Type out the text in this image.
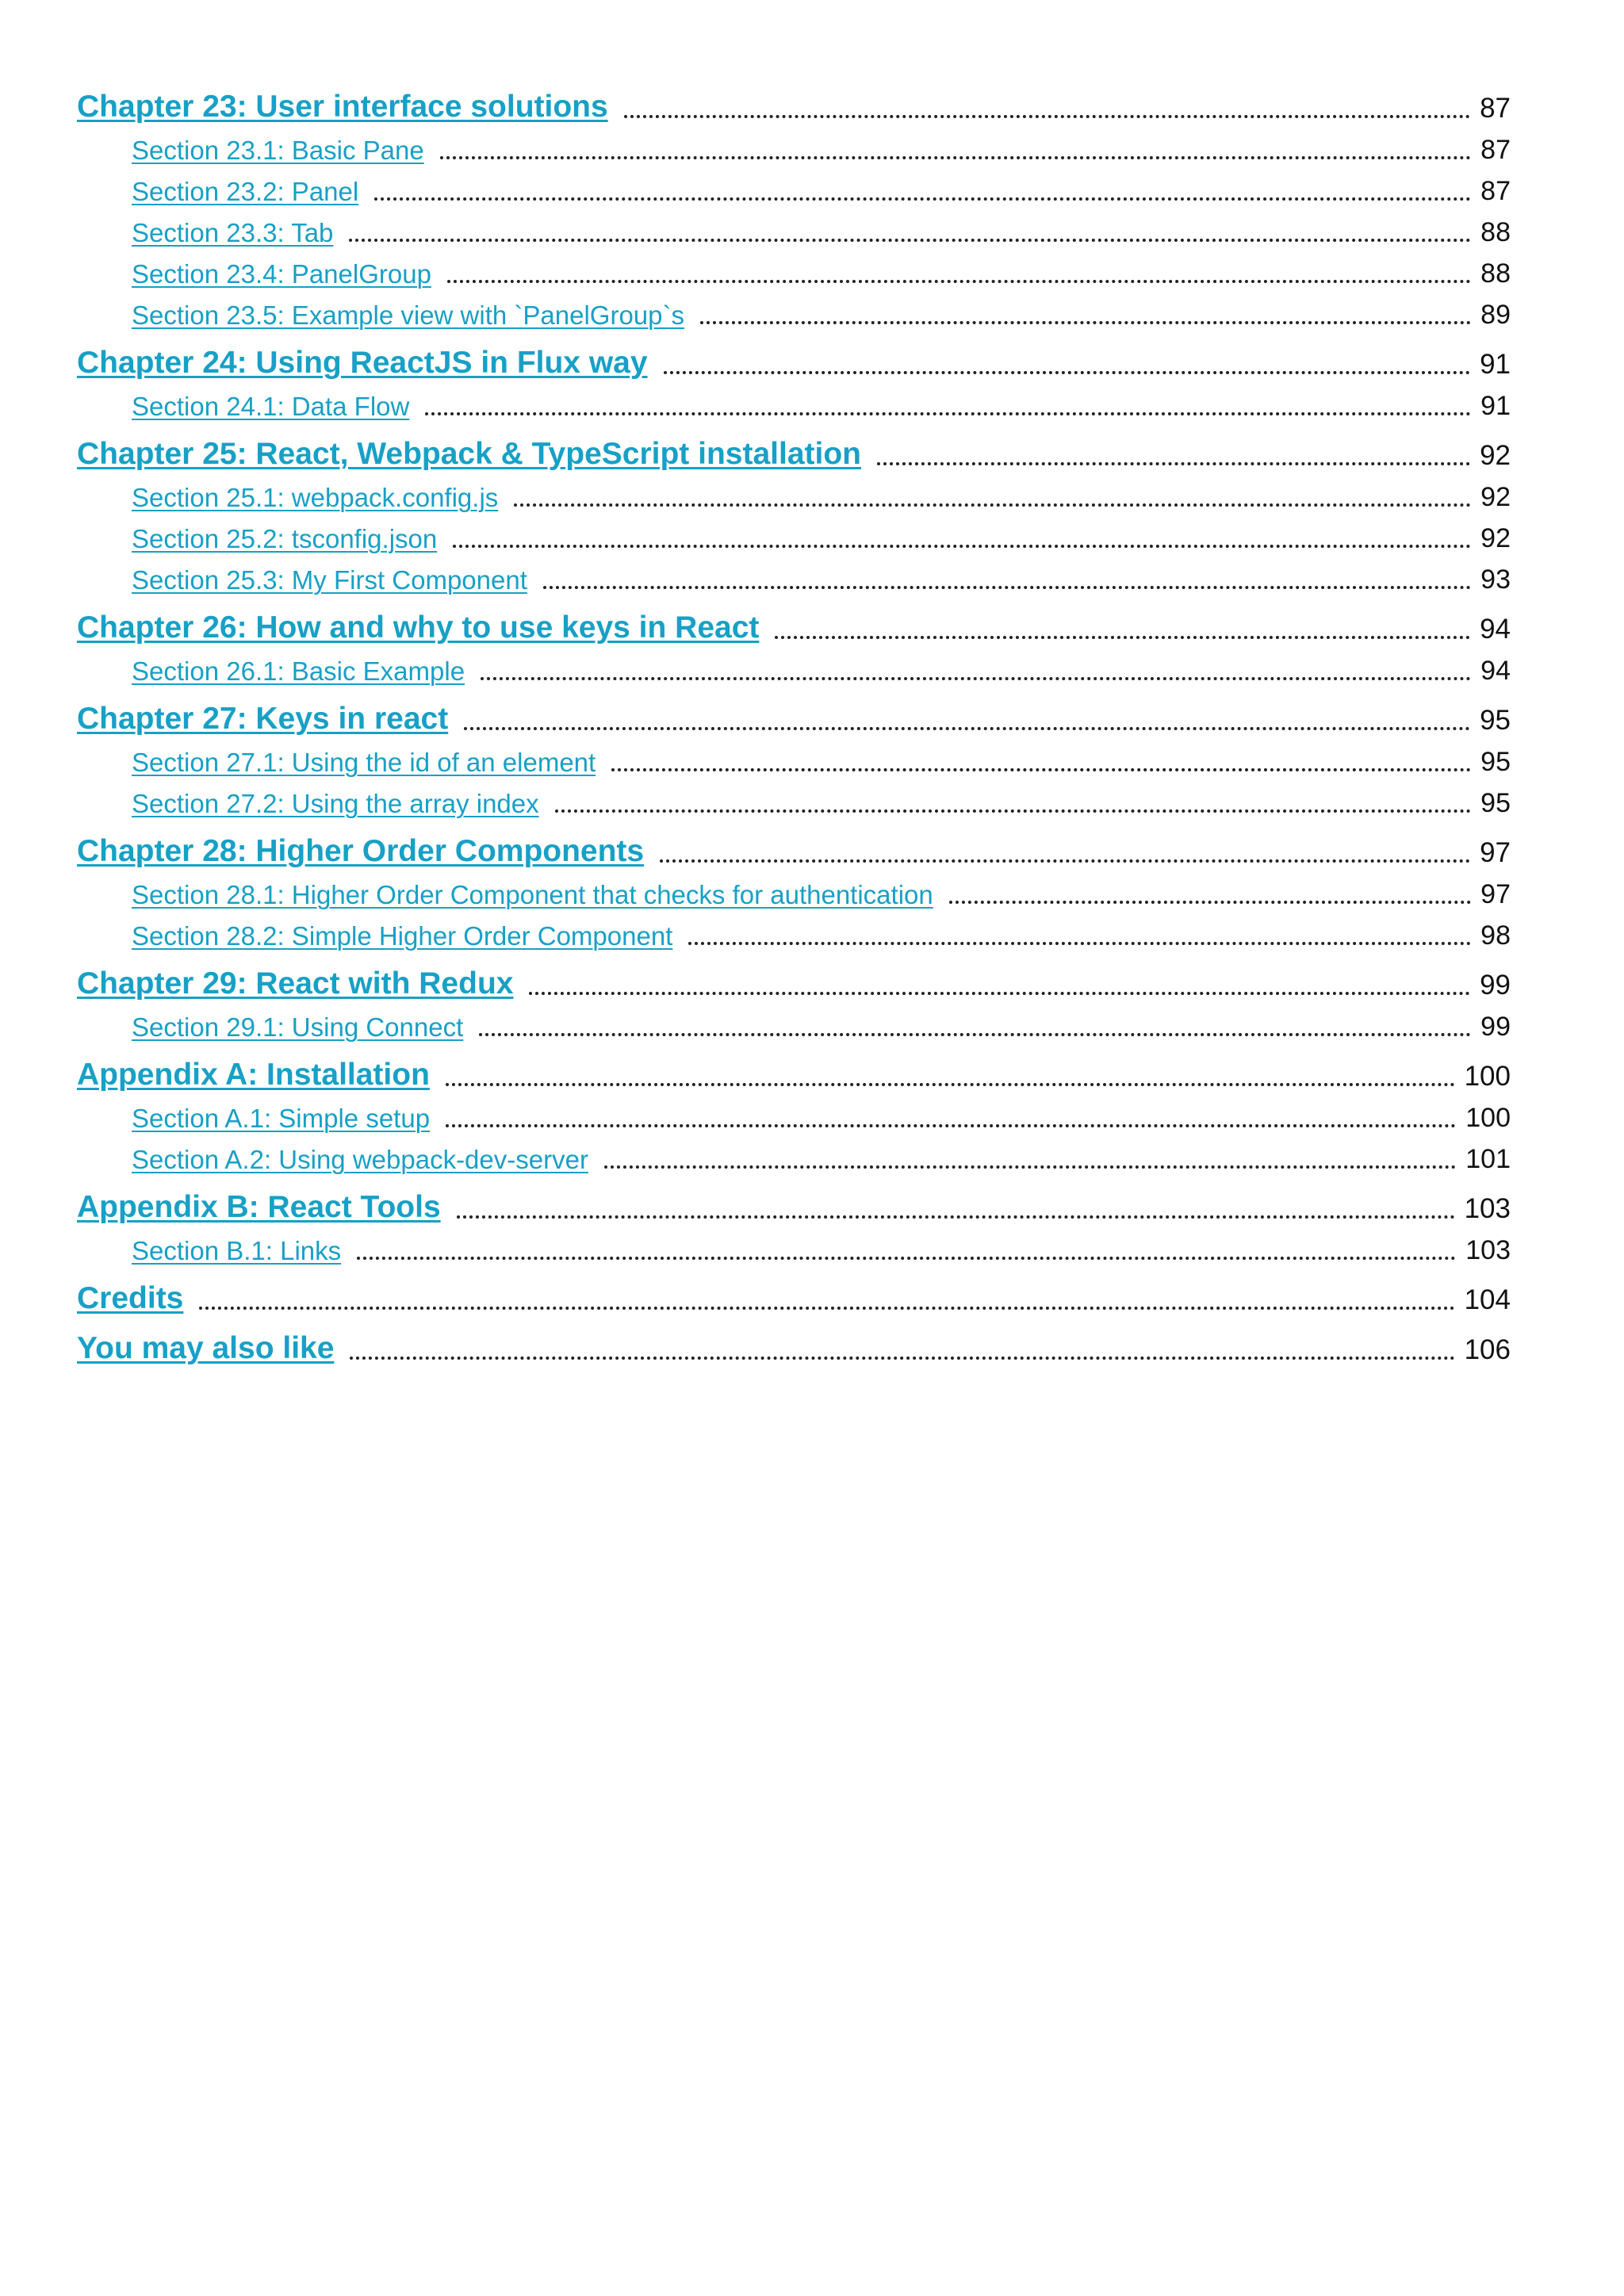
Chapter 23: User interface solutions	87
Section 23.1: Basic Pane	87
Section 23.2: Panel	87
Section 23.3: Tab	88
Section 23.4: PanelGroup	88
Section 23.5: Example view with `PanelGroup`s	89
Chapter 24: Using ReactJS in Flux way	91
Section 24.1: Data Flow	91
Chapter 25: React, Webpack & TypeScript installation	92
Section 25.1: webpack.config.js	92
Section 25.2: tsconfig.json	92
Section 25.3: My First Component	93
Chapter 26: How and why to use keys in React	94
Section 26.1: Basic Example	94
Chapter 27: Keys in react	95
Section 27.1: Using the id of an element	95
Section 27.2: Using the array index	95
Chapter 28: Higher Order Components	97
Section 28.1: Higher Order Component that checks for authentication	97
Section 28.2: Simple Higher Order Component	98
Chapter 29: React with Redux	99
Section 29.1: Using Connect	99
Appendix A: Installation	100
Section A.1: Simple setup	100
Section A.2: Using webpack-dev-server	101
Appendix B: React Tools	103
Section B.1: Links	103
Credits	104
You may also like	106
